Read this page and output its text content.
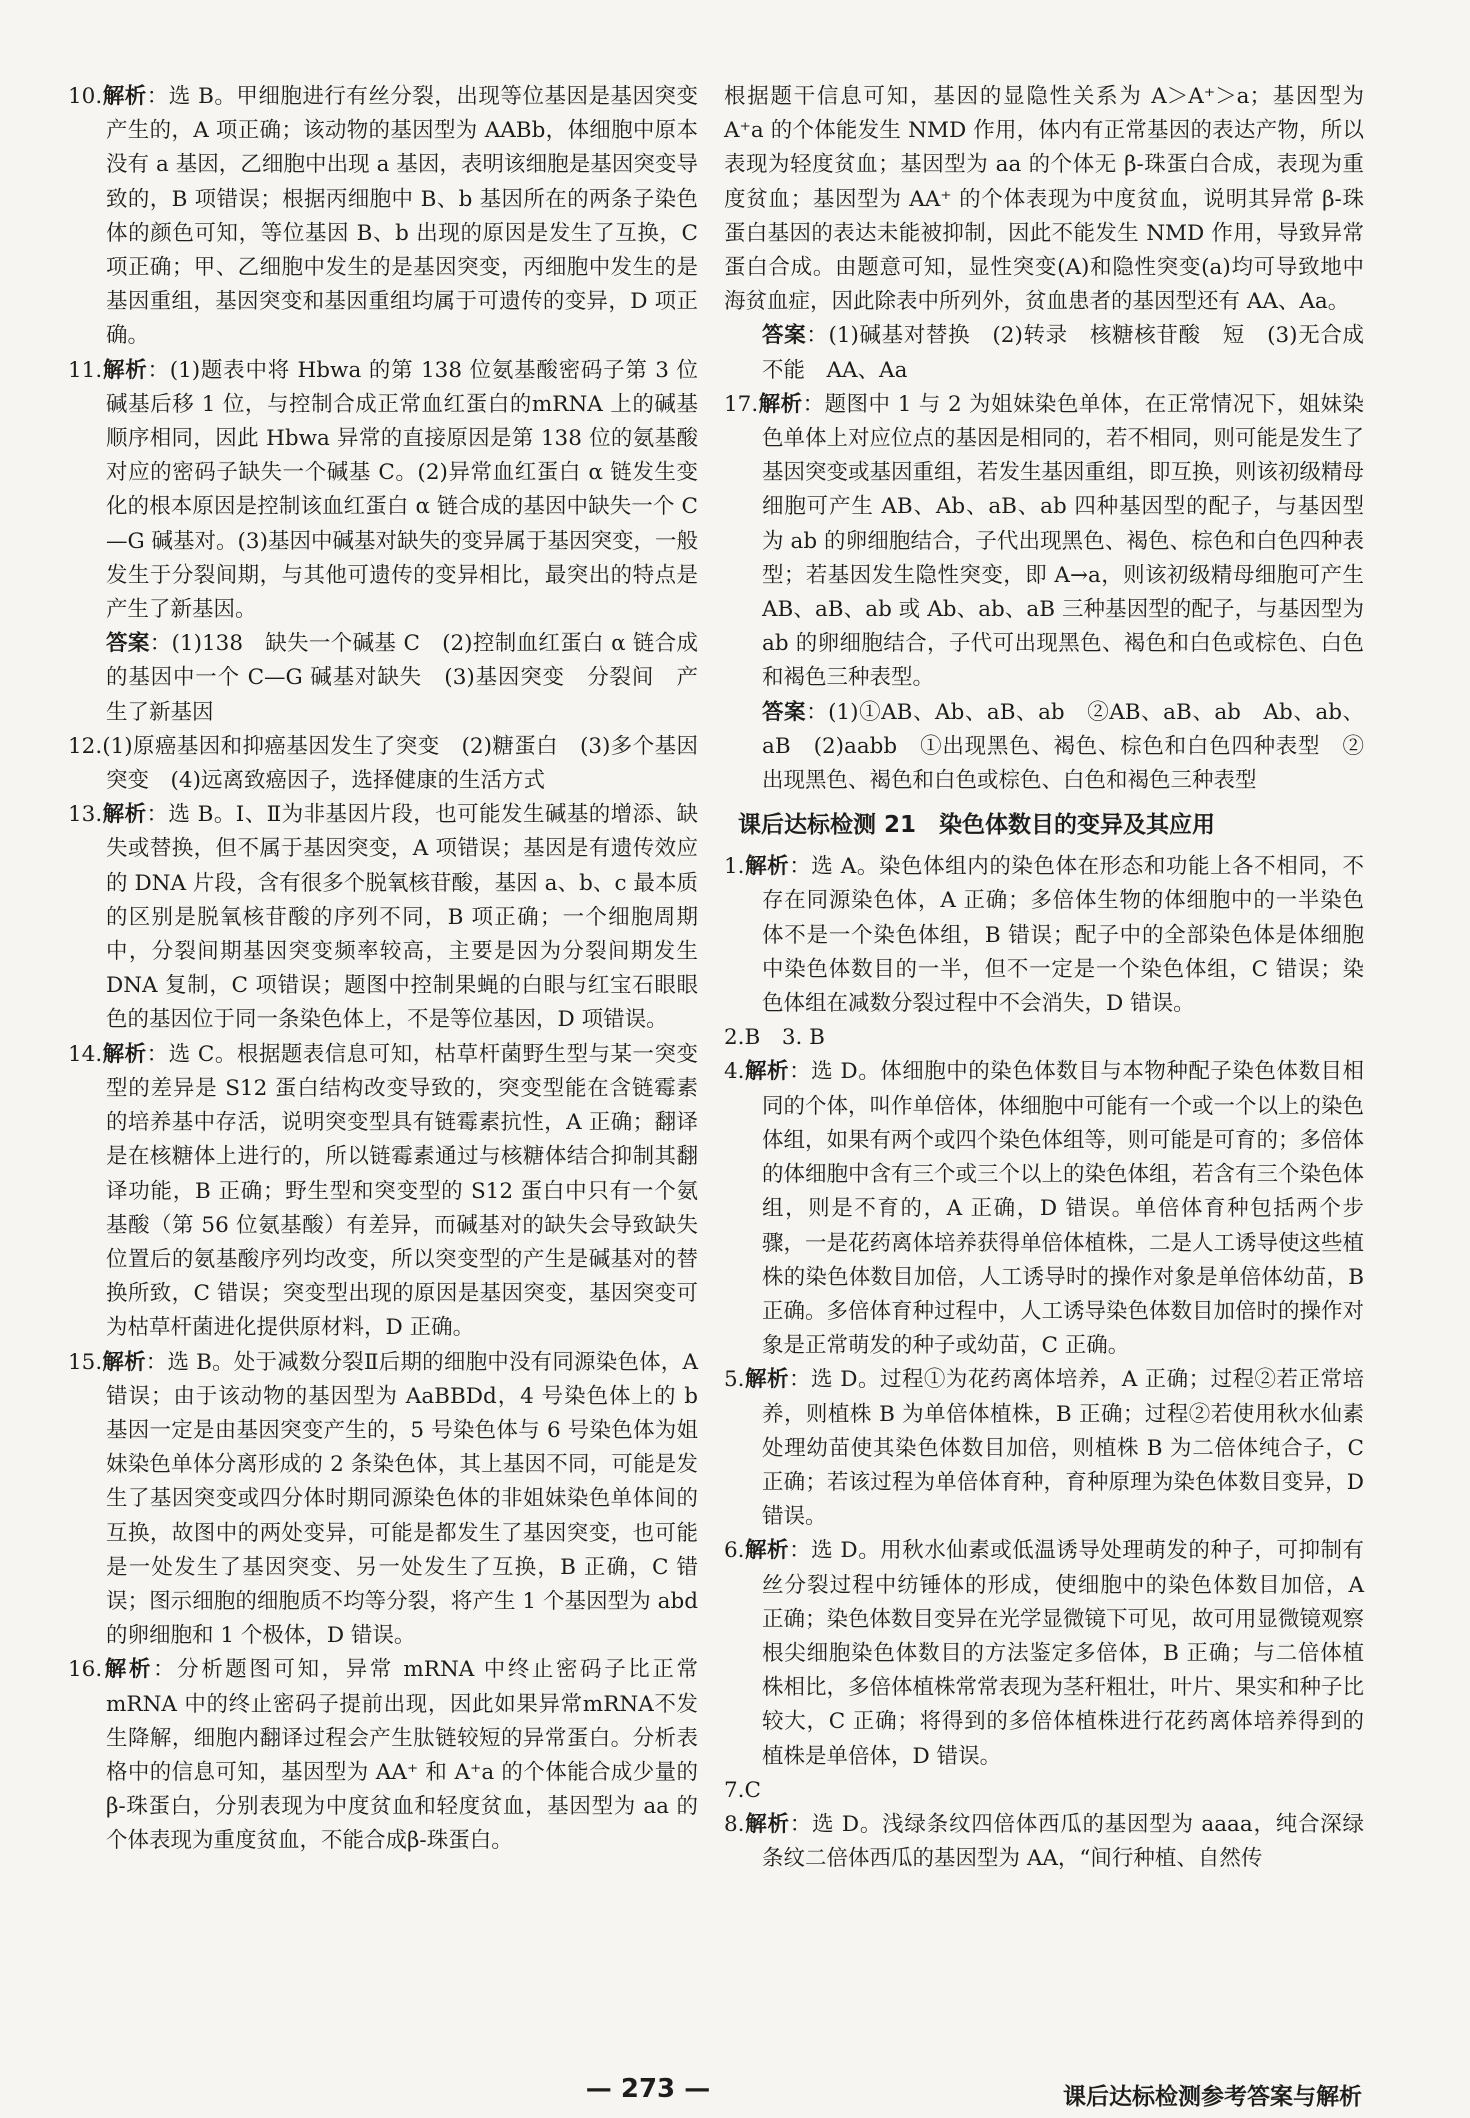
10.解析：选 B。甲细胞进行有丝分裂，出现等位基因是基因突变产生的，A 项正确；该动物的基因型为 AABb，体细胞中原本没有 a 基因，乙细胞中出现 a 基因，表明该细胞是基因突变导致的，B 项错误；根据丙细胞中 B、b 基因所在的两条子染色体的颜色可知，等位基因 B、b 出现的原因是发生了互换，C 项正确；甲、乙细胞中发生的是基因突变，丙细胞中发生的是基因重组，基因突变和基因重组均属于可遗传的变异，D 项正确。

11.解析：(1)题表中将 Hbwa 的第 138 位氨基酸密码子第 3 位碱基后移 1 位，与控制合成正常血红蛋白的mRNA 上的碱基顺序相同，因此 Hbwa 异常的直接原因是第 138 位的氨基酸对应的密码子缺失一个碱基 C。(2)异常血红蛋白 α 链发生变化的根本原因是控制该血红蛋白 α 链合成的基因中缺失一个 C—G 碱基对。(3)基因中碱基对缺失的变异属于基因突变，一般发生于分裂间期，与其他可遗传的变异相比，最突出的特点是产生了新基因。

答案：(1)138　缺失一个碱基 C　(2)控制血红蛋白 α 链合成的基因中一个 C—G 碱基对缺失　(3)基因突变　分裂间　产生了新基因

12.(1)原癌基因和抑癌基因发生了突变　(2)糖蛋白　(3)多个基因突变　(4)远离致癌因子，选择健康的生活方式

13.解析：选 B。Ⅰ、Ⅱ为非基因片段，也可能发生碱基的增添、缺失或替换，但不属于基因突变，A 项错误；基因是有遗传效应的 DNA 片段，含有很多个脱氧核苷酸，基因 a、b、c 最本质的区别是脱氧核苷酸的序列不同，B 项正确；一个细胞周期中，分裂间期基因突变频率较高，主要是因为分裂间期发生 DNA 复制，C 项错误；题图中控制果蝇的白眼与红宝石眼眼色的基因位于同一条染色体上，不是等位基因，D 项错误。

14.解析：选 C。根据题表信息可知，枯草杆菌野生型与某一突变型的差异是 S12 蛋白结构改变导致的，突变型能在含链霉素的培养基中存活，说明突变型具有链霉素抗性，A 正确；翻译是在核糖体上进行的，所以链霉素通过与核糖体结合抑制其翻译功能，B 正确；野生型和突变型的 S12 蛋白中只有一个氨基酸（第 56 位氨基酸）有差异，而碱基对的缺失会导致缺失位置后的氨基酸序列均改变，所以突变型的产生是碱基对的替换所致，C 错误；突变型出现的原因是基因突变，基因突变可为枯草杆菌进化提供原材料，D 正确。

15.解析：选 B。处于减数分裂Ⅱ后期的细胞中没有同源染色体，A 错误；由于该动物的基因型为 AaBBDd，4 号染色体上的 b 基因一定是由基因突变产生的，5 号染色体与 6 号染色体为姐妹染色单体分离形成的 2 条染色体，其上基因不同，可能是发生了基因突变或四分体时期同源染色体的非姐妹染色单体间的互换，故图中的两处变异，可能是都发生了基因突变，也可能是一处发生了基因突变、另一处发生了互换，B 正确，C 错误；图示细胞的细胞质不均等分裂，将产生 1 个基因型为 abd 的卵细胞和 1 个极体，D 错误。

16.解析：分析题图可知，异常 mRNA 中终止密码子比正常 mRNA 中的终止密码子提前出现，因此如果异常mRNA不发生降解，细胞内翻译过程会产生肽链较短的异常蛋白。分析表格中的信息可知，基因型为 AA⁺ 和 A⁺a 的个体能合成少量的β-珠蛋白，分别表现为中度贫血和轻度贫血，基因型为 aa 的个体表现为重度贫血，不能合成β-珠蛋白。

根据题干信息可知，基因的显隐性关系为 A＞A⁺＞a；基因型为 A⁺a 的个体能发生 NMD 作用，体内有正常基因的表达产物，所以表现为轻度贫血；基因型为 aa 的个体无 β-珠蛋白合成，表现为重度贫血；基因型为 AA⁺ 的个体表现为中度贫血，说明其异常 β-珠蛋白基因的表达未能被抑制，因此不能发生 NMD 作用，导致异常蛋白合成。由题意可知，显性突变(A)和隐性突变(a)均可导致地中海贫血症，因此除表中所列外，贫血患者的基因型还有 AA、Aa。

答案：(1)碱基对替换　(2)转录　核糖核苷酸　短　(3)无合成　不能　AA、Aa

17.解析：题图中 1 与 2 为姐妹染色单体，在正常情况下，姐妹染色单体上对应位点的基因是相同的，若不相同，则可能是发生了基因突变或基因重组，若发生基因重组，即互换，则该初级精母细胞可产生 AB、Ab、aB、ab 四种基因型的配子，与基因型为 ab 的卵细胞结合，子代出现黑色、褐色、棕色和白色四种表型；若基因发生隐性突变，即 A→a，则该初级精母细胞可产生 AB、aB、ab 或 Ab、ab、aB 三种基因型的配子，与基因型为 ab 的卵细胞结合，子代可出现黑色、褐色和白色或棕色、白色和褐色三种表型。

答案：(1)①AB、Ab、aB、ab　②AB、aB、ab　Ab、ab、aB　(2)aabb　①出现黑色、褐色、棕色和白色四种表型　②出现黑色、褐色和白色或棕色、白色和褐色三种表型

课后达标检测 21　染色体数目的变异及其应用

1.解析：选 A。染色体组内的染色体在形态和功能上各不相同，不存在同源染色体，A 正确；多倍体生物的体细胞中的一半染色体不是一个染色体组，B 错误；配子中的全部染色体是体细胞中染色体数目的一半，但不一定是一个染色体组，C 错误；染色体组在减数分裂过程中不会消失，D 错误。

2.B　3. B

4.解析：选 D。体细胞中的染色体数目与本物种配子染色体数目相同的个体，叫作单倍体，体细胞中可能有一个或一个以上的染色体组，如果有两个或四个染色体组等，则可能是可育的；多倍体的体细胞中含有三个或三个以上的染色体组，若含有三个染色体组，则是不育的，A 正确，D 错误。单倍体育种包括两个步骤，一是花药离体培养获得单倍体植株，二是人工诱导使这些植株的染色体数目加倍，人工诱导时的操作对象是单倍体幼苗，B 正确。多倍体育种过程中，人工诱导染色体数目加倍时的操作对象是正常萌发的种子或幼苗，C 正确。

5.解析：选 D。过程①为花药离体培养，A 正确；过程②若正常培养，则植株 B 为单倍体植株，B 正确；过程②若使用秋水仙素处理幼苗使其染色体数目加倍，则植株 B 为二倍体纯合子，C 正确；若该过程为单倍体育种，育种原理为染色体数目变异，D 错误。

6.解析：选 D。用秋水仙素或低温诱导处理萌发的种子，可抑制有丝分裂过程中纺锤体的形成，使细胞中的染色体数目加倍，A 正确；染色体数目变异在光学显微镜下可见，故可用显微镜观察根尖细胞染色体数目的方法鉴定多倍体，B 正确；与二倍体植株相比，多倍体植株常常表现为茎秆粗壮，叶片、果实和种子比较大，C 正确；将得到的多倍体植株进行花药离体培养得到的植株是单倍体，D 错误。

7.C

8.解析：选 D。浅绿条纹四倍体西瓜的基因型为 aaaa，纯合深绿条纹二倍体西瓜的基因型为 AA，“间行种植、自然传

— 273 —	课后达标检测参考答案与解析
